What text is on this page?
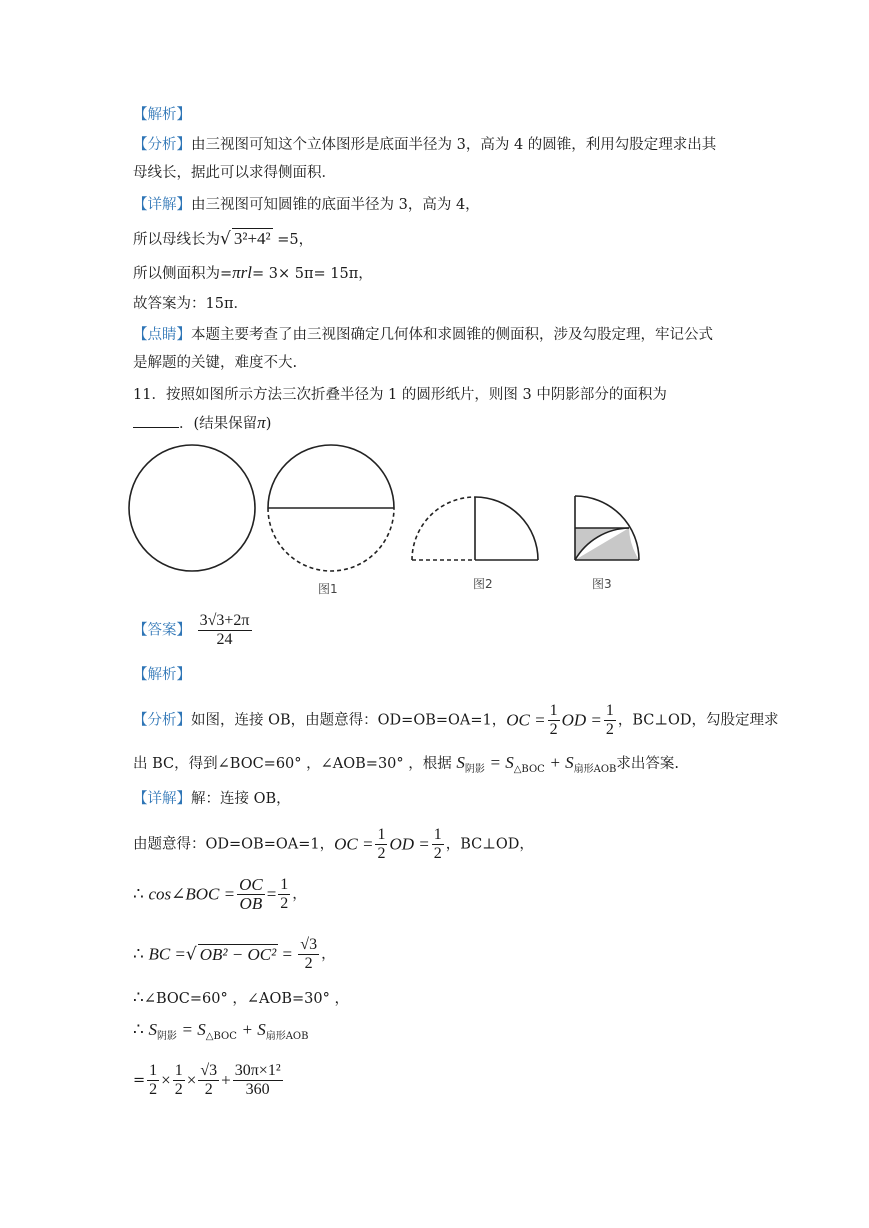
【解析】
【分析】由三视图可知这个立体图形是底面半径为 3，高为 4 的圆锥，利用勾股定理求出其
母线长，据此可以求得侧面积．
【详解】由三视图可知圆锥的底面半径为 3，高为 4，
所以母线长为√ 3²+4² =5，
所以侧面积为=πrl= 3× 5π= 15π，
故答案为：15π．
【点睛】本题主要考查了由三视图确定几何体和求圆锥的侧面积，涉及勾股定理，牢记公式
是解题的关键，难度不大.
11．按照如图所示方法三次折叠半径为 1 的圆形纸片，则图 3 中阴影部分的面积为
．(结果保留π)
图1	图2	图3
【答案】 $\frac{3√3+2\pi}{24}$
【解析】
【分析】如图，连接 OB，由题意得：OD=OB=OA=1，OC = $\frac{1}{2}$ OD = $\frac{1}{2}$ ，BC⊥OD，勾股定理求
出 BC，得到∠BOC=60° ，∠AOB=30° ，根据 $S_{阴影} = S_{\triangle BOC} + S_{扇形AOB}$求出答案.
【详解】解：连接 OB，
由题意得：OD=OB=OA=1，OC = $\frac{1}{2}$ OD = $\frac{1}{2}$ ，BC⊥OD，
∴ cos∠BOC = $\frac{OC}{OB} = \frac{1}{2}$ ，
∴ BC =√ $OB^2 - OC^2 = \frac{√3}{2}$ ，
∴∠BOC=60° ，∠AOB=30° ，
∴ $S_{阴影} = S_{\triangle BOC} + S_{扇形AOB}$
= $\frac{1}{2} \times \frac{1}{2} \times \frac{√3}{2} + \frac{\text{30π×1²}}{360}$
